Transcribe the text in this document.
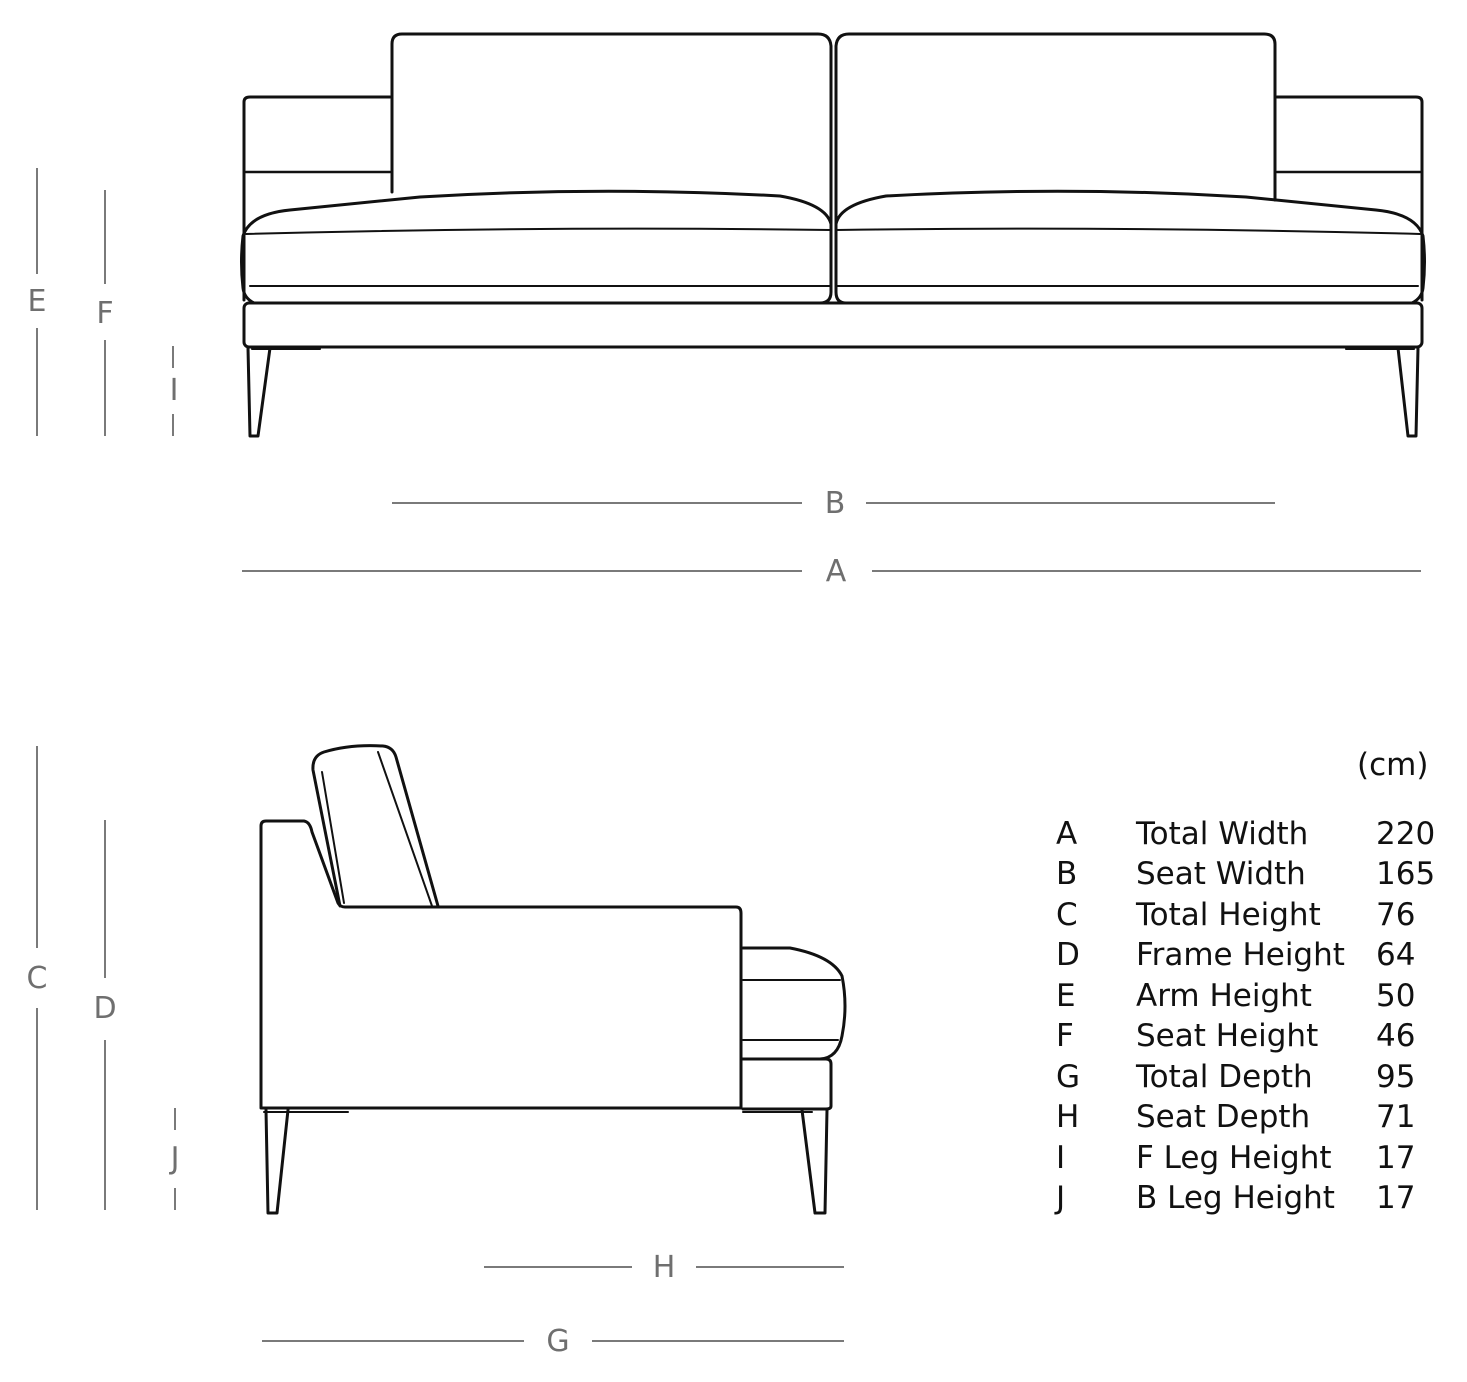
B
A
E F
I
C
D
J
H
G
(cm)
A	Total Width	220
B	Seat Width	165
C	Total Height	76
D	Frame Height	64
E	Arm Height	50
F	Seat Height	46
G	Total Depth	95
H	Seat Depth	71
I	F Leg Height	17
J	B Leg Height	17
